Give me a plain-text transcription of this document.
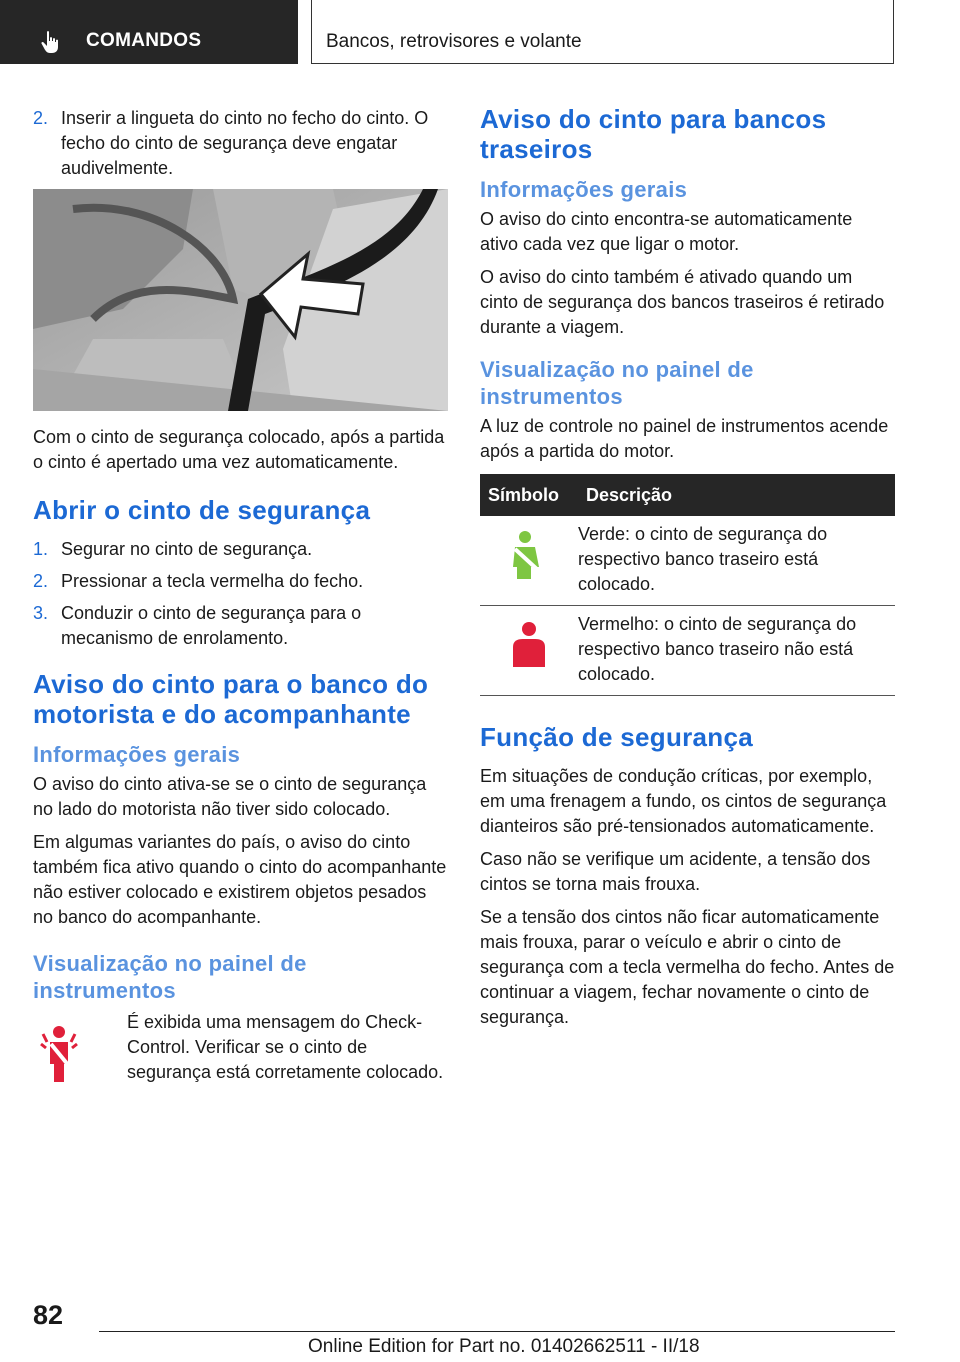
COMANDOS	Bancos, retrovisores e volante
2. Inserir a lingueta do cinto no fecho do cinto. O fecho do cinto de segurança deve engatar audivelmente.

Com o cinto de segurança colocado, após a partida o cinto é apertado uma vez automaticamente.

Abrir o cinto de segurança
1. Segurar no cinto de segurança.
2. Pressionar a tecla vermelha do fecho.
3. Conduzir o cinto de segurança para o mecanismo de enrolamento.
Aviso do cinto para o banco do motorista e do acompanhante
Informações gerais

O aviso do cinto ativa-se se o cinto de segurança no lado do motorista não tiver sido colocado.

Em algumas variantes do país, o aviso do cinto também fica ativo quando o cinto do acompanhante não estiver colocado e existirem objetos pesados no banco do acompanhante.

Visualização no painel de instrumentos
É exibida uma mensagem do Check-Control. Verificar se o cinto de segurança está corretamente colocado.
Aviso do cinto para bancos traseiros
Informações gerais

O aviso do cinto encontra-se automaticamente ativo cada vez que ligar o motor.

O aviso do cinto também é ativado quando um cinto de segurança dos bancos traseiros é retirado durante a viagem.

Visualização no painel de instrumentos

A luz de controle no painel de instrumentos acende após a partida do motor.

Símbolo	Descrição
	Verde: o cinto de segurança do respectivo banco traseiro está colocado.
	Vermelho: o cinto de segurança do respectivo banco traseiro não está colocado.
Função de segurança

Em situações de condução críticas, por exemplo, em uma frenagem a fundo, os cintos de segurança dianteiros são pré-tensionados automaticamente.

Caso não se verifique um acidente, a tensão dos cintos se torna mais frouxa.

Se a tensão dos cintos não ficar automaticamente mais frouxa, parar o veículo e abrir o cinto de segurança com a tecla vermelha do fecho. Antes de continuar a viagem, fechar novamente o cinto de segurança.

82
Online Edition for Part no. 01402662511 - II/18
